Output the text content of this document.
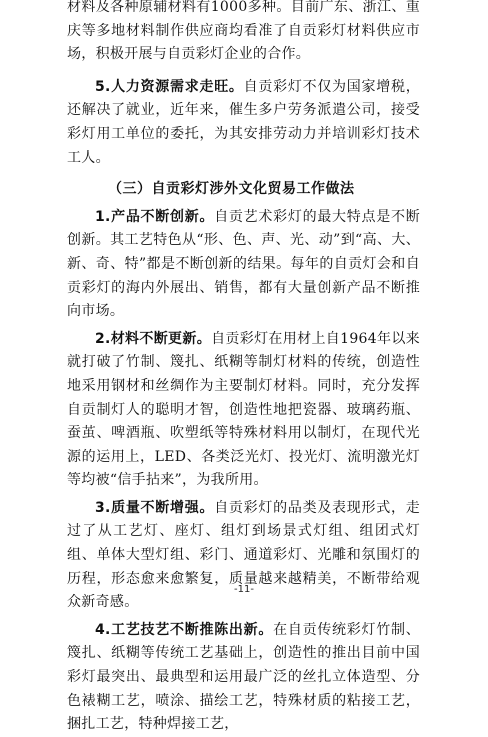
材料及各种原辅材料有1000多种。目前广东、浙江、重庆等多地材料制作供应商均看准了自贡彩灯材料供应市场，积极开展与自贡彩灯企业的合作。

5.人力资源需求走旺。自贡彩灯不仅为国家增税，还解决了就业，近年来，催生多户劳务派遣公司，接受彩灯用工单位的委托，为其安排劳动力并培训彩灯技术工人。

（三）自贡彩灯涉外文化贸易工作做法

1.产品不断创新。自贡艺术彩灯的最大特点是不断创新。其工艺特色从“形、色、声、光、动”到“高、大、新、奇、特”都是不断创新的结果。每年的自贡灯会和自贡彩灯的海内外展出、销售，都有大量创新产品不断推向市场。

2.材料不断更新。自贡彩灯在用材上自1964年以来就打破了竹制、篾扎、纸糊等制灯材料的传统，创造性地采用钢材和丝绸作为主要制灯材料。同时，充分发挥自贡制灯人的聪明才智，创造性地把瓷器、玻璃药瓶、蚕茧、啤酒瓶、吹塑纸等特殊材料用以制灯，在现代光源的运用上，LED、各类泛光灯、投光灯、流明激光灯等均被“信手拈来”，为我所用。

3.质量不断增强。自贡彩灯的品类及表现形式，走过了从工艺灯、座灯、组灯到场景式灯组、组团式灯组、单体大型灯组、彩门、通道彩灯、光雕和氛围灯的历程，形态愈来愈繁复，质量越来越精美，不断带给观众新奇感。

4.工艺技艺不断推陈出新。在自贡传统彩灯竹制、篾扎、纸糊等传统工艺基础上，创造性的推出目前中国彩灯最突出、最典型和运用最广泛的丝扎立体造型、分色裱糊工艺，喷涂、描绘工艺，特殊材质的粘接工艺，捆扎工艺，特种焊接工艺，

-11-
